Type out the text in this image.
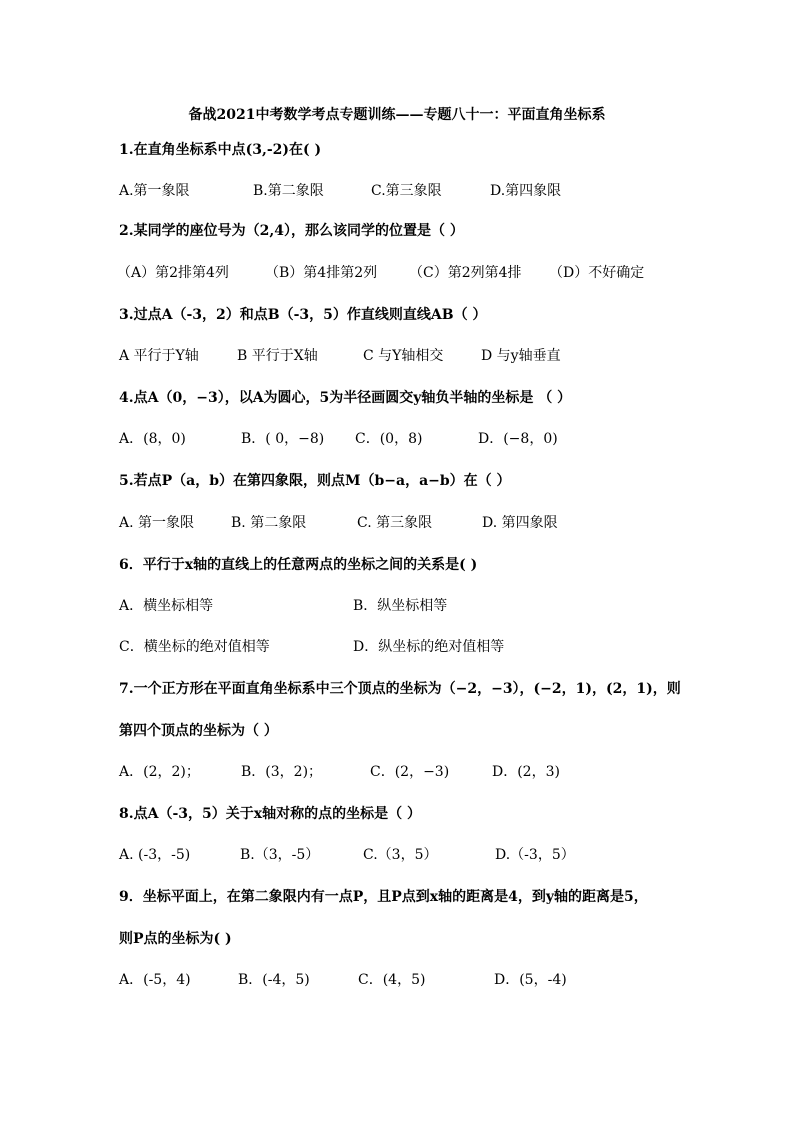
备战2021中考数学考点专题训练——专题八十一：平面直角坐标系
1.在直角坐标系中点(3,-2)在( )
A.第一象限	B.第二象限	C.第三象限	D.第四象限
2.某同学的座位号为（2,4），那么该同学的位置是（ ）
（A）第2排第4列	（B）第4排第2列 （C）第2列第4排 （D）不好确定
3.过点A（-3，2）和点B（-3，5）作直线则直线AB（ ）
A 平行于Y轴	B 平行于X轴	C 与Y轴相交	D 与y轴垂直
4.点A（0，−3），以A为圆心，5为半径画圆交y轴负半轴的坐标是 （ ）
A．(8，0)	B．( 0，−8) C．(0，8)	D．(−8，0)
5.若点P（a，b）在第四象限，则点M（b−a，a−b）在（ ）
A. 第一象限	B. 第二象限	C. 第三象限	D. 第四象限
6．平行于x轴的直线上的任意两点的坐标之间的关系是( )
A．横坐标相等	B．纵坐标相等
C．横坐标的绝对值相等	D．纵坐标的绝对值相等
7.一个正方形在平面直角坐标系中三个顶点的坐标为（−2，−3），(−2，1)，(2，1)，则
第四个顶点的坐标为（ ）
A．(2，2)；	B．(3，2)；	C．(2，−3)	D．(2，3)
8.点A（-3，5）关于x轴对称的点的坐标是（ ）
A. (-3，-5)	B.（3，-5）	C.（3，5）	D.（-3，5）
9．坐标平面上，在第二象限内有一点P，且P点到x轴的距离是4，到y轴的距离是5，
则P点的坐标为( )
A．(-5，4)	B．(-4，5)	C．(4，5)	D．(5，-4)
